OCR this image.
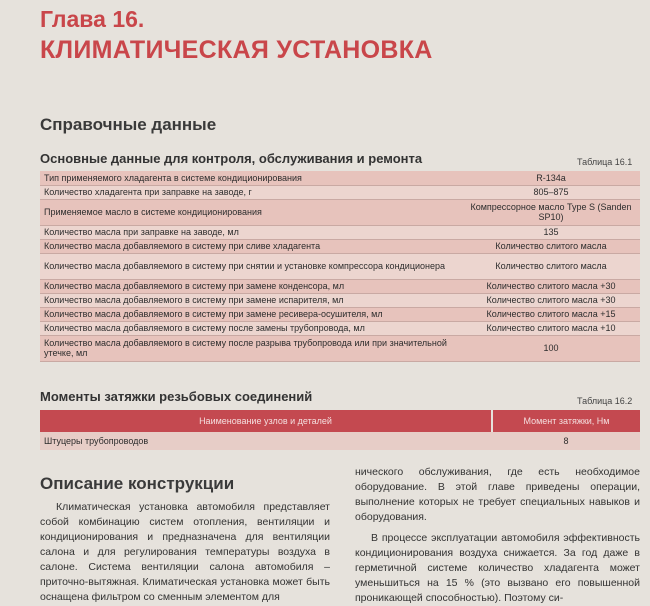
Глава 16.
КЛИМАТИЧЕСКАЯ УСТАНОВКА
Справочные данные
Основные данные для контроля, обслуживания и ремонта	Таблица 16.1
Тип применяемого хладагента в системе кондиционирования	R-134a
Количество хладагента при заправке на заводе, г	805–875
Применяемое масло в системе кондиционирования	Компрессорное масло Type S (Sanden SP10)
Количество масла при заправке на заводе, мл	135
Количество масла добавляемого в систему при сливе хладагента	Количество слитого масла
Количество масла добавляемого в систему при снятии и установке компрессора кондиционера	Количество слитого масла
Количество масла добавляемого в систему при замене конденсора, мл	Количество слитого масла +30
Количество масла добавляемого в систему при замене испарителя, мл	Количество слитого масла +30
Количество масла добавляемого в систему при замене ресивера-осушителя, мл	Количество слитого масла +15
Количество масла добавляемого в систему после замены трубопровода, мл	Количество слитого масла +10
Количество масла добавляемого в систему после разрыва трубопровода или при значительной утечке, мл	100
Моменты затяжки резьбовых соединений	Таблица 16.2
Наименование узлов и деталей	Момент затяжки, Нм
Штуцеры трубопроводов	8
Описание конструкции

Климатическая установка автомобиля представляет собой комбинацию систем отопления, вентиляции и кондиционирования и предназначена для вентиляции салона и для регулирования температуры воздуха в салоне. Система вентиляции салона автомобиля – приточно-вытяжная. Климатическая установка может быть оснащена фильтром со сменным элементом для

нического обслуживания, где есть необходимое оборудование. В этой главе приведены операции, выполнение которых не требует специальных навыков и оборудования.

В процессе эксплуатации автомобиля эффективность кондиционирования воздуха снижается. За год даже в герметичной системе количество хладагента может уменьшиться на 15 % (это вызвано его повышенной проникающей способностью). Поэтому си-
